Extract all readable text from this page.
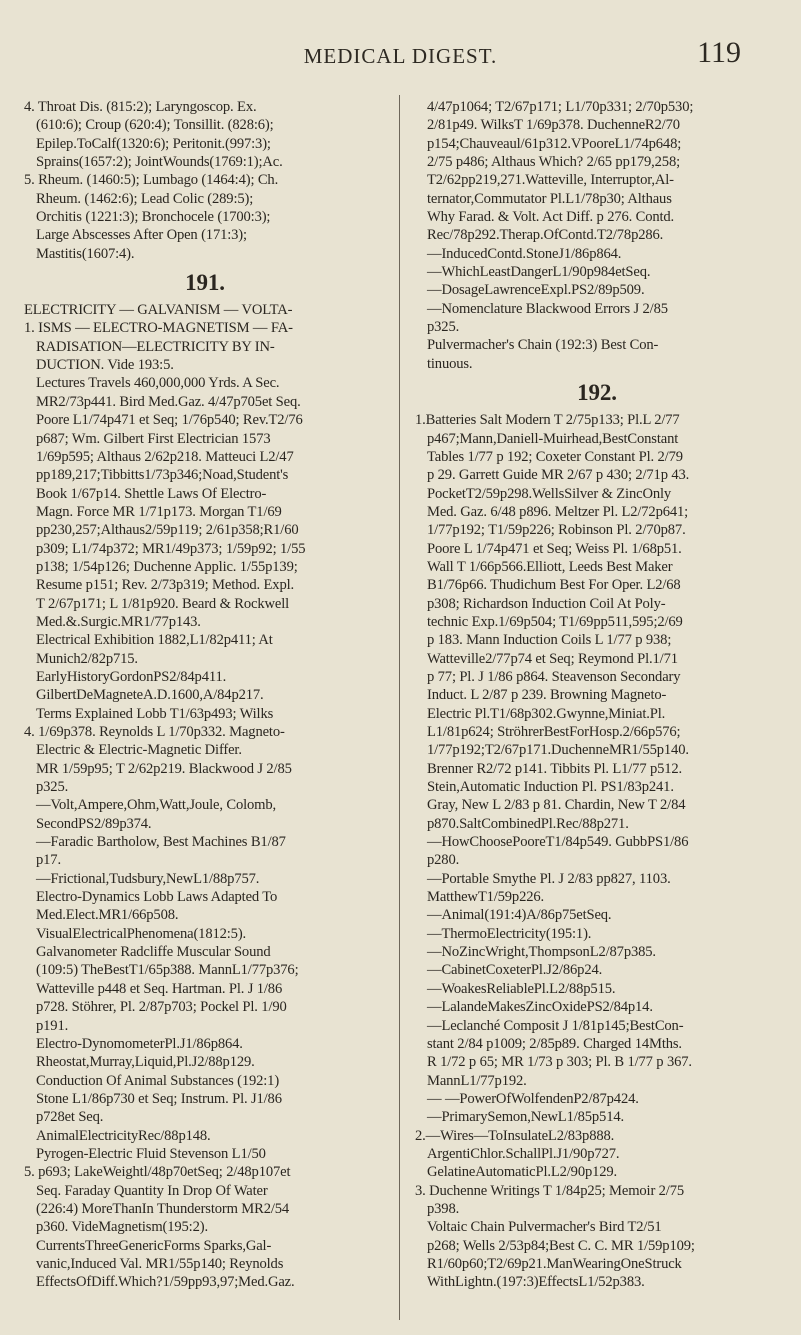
MEDICAL DIGEST.	119
4. Throat Dis. (815:2); Laryngoscop. Ex.
(610:6); Croup (620:4); Tonsillit. (828:6);
Epilep.ToCalf(1320:6); Peritonit.(997:3);
Sprains(1657:2); JointWounds(1769:1);Ac.
5. Rheum. (1460:5); Lumbago (1464:4); Ch.
Rheum. (1462:6); Lead Colic (289:5);
Orchitis (1221:3); Bronchocele (1700:3);
Large Abscesses After Open (171:3);
Mastitis(1607:4).
191.
ELECTRICITY — GALVANISM — VOLTA-
1. ISMS — ELECTRO-MAGNETISM — FA-
RADISATION—ELECTRICITY BY IN-
DUCTION. Vide 193:5.
Lectures Travels 460,000,000 Yrds. A Sec.
MR2/73p441. Bird Med.Gaz. 4/47p705et Seq.
Poore L1/74p471 et Seq; 1/76p540; Rev.T2/76
p687; Wm. Gilbert First Electrician 1573
1/69p595; Althaus 2/62p218. Matteuci L2/47
pp189,217;Tibbitts1/73p346;Noad,Student's
Book 1/67p14. Shettle Laws Of Electro-
Magn. Force MR 1/71p173. Morgan T1/69
pp230,257;Althaus2/59p119; 2/61p358;R1/60
p309; L1/74p372; MR1/49p373; 1/59p92; 1/55
p138; 1/54p126; Duchenne Applic. 1/55p139;
Resume p151; Rev. 2/73p319; Method. Expl.
T 2/67p171; L 1/81p920. Beard & Rockwell
Med.&.Surgic.MR1/77p143.
Electrical Exhibition 1882,L1/82p411; At
Munich2/82p715.
EarlyHistoryGordonPS2/84p411.
GilbertDeMagneteA.D.1600,A/84p217.
Terms Explained Lobb T1/63p493; Wilks
4. 1/69p378. Reynolds L 1/70p332. Magneto-
Electric & Electric-Magnetic Differ.
MR 1/59p95; T 2/62p219. Blackwood J 2/85
p325.
—Volt,Ampere,Ohm,Watt,Joule, Colomb,
SecondPS2/89p374.
—Faradic Bartholow, Best Machines B1/87
p17.
—Frictional,Tudsbury,NewL1/88p757.
Electro-Dynamics Lobb Laws Adapted To
Med.Elect.MR1/66p508.
VisualElectricalPhenomena(1812:5).
Galvanometer Radcliffe Muscular Sound
(109:5) TheBestT1/65p388. MannL1/77p376;
Watteville p448 et Seq. Hartman. Pl. J 1/86
p728. Stöhrer, Pl. 2/87p703; Pockel Pl. 1/90
p191.
Electro-DynomometerPl.J1/86p864.
Rheostat,Murray,Liquid,Pl.J2/88p129.
Conduction Of Animal Substances (192:1)
Stone L1/86p730 et Seq; Instrum. Pl. J1/86
p728et Seq.
AnimalElectricityRec/88p148.
Pyrogen-Electric Fluid Stevenson L1/50
5. p693; LakeWeightl/48p70etSeq; 2/48p107et
Seq. Faraday Quantity In Drop Of Water
(226:4) MoreThanIn Thunderstorm MR2/54
p360. VideMagnetism(195:2).
CurrentsThreeGenericForms Sparks,Gal-
vanic,Induced Val. MR1/55p140; Reynolds
EffectsOfDiff.Which?1/59pp93,97;Med.Gaz.
4/47p1064; T2/67p171; L1/70p331; 2/70p530;
2/81p49. WilksT 1/69p378. DuchenneR2/70
p154;Chauveaul/61p312.VPooreL1/74p648;
2/75 p486; Althaus Which? 2/65 pp179,258;
T2/62pp219,271.Watteville, Interruptor,Al-
ternator,Commutator Pl.L1/78p30; Althaus
Why Farad. & Volt. Act Diff. p 276. Contd.
Rec/78p292.Therap.OfContd.T2/78p286.
—InducedContd.StoneJ1/86p864.
—WhichLeastDangerL1/90p984etSeq.
—DosageLawrenceExpl.PS2/89p509.
—Nomenclature Blackwood Errors J 2/85
p325.
Pulvermacher's Chain (192:3) Best Con-
tinuous.
192.
1.Batteries Salt Modern T 2/75p133; Pl.L 2/77
p467;Mann,Daniell-Muirhead,BestConstant
Tables 1/77 p 192; Coxeter Constant Pl. 2/79
p 29. Garrett Guide MR 2/67 p 430; 2/71p 43.
PocketT2/59p298.WellsSilver & ZincOnly
Med. Gaz. 6/48 p896. Meltzer Pl. L2/72p641;
1/77p192; T1/59p226; Robinson Pl. 2/70p87.
Poore L 1/74p471 et Seq; Weiss Pl. 1/68p51.
Wall T 1/66p566.Elliott, Leeds Best Maker
B1/76p66. Thudichum Best For Oper. L2/68
p308; Richardson Induction Coil At Poly-
technic Exp.1/69p504; T1/69pp511,595;2/69
p 183. Mann Induction Coils L 1/77 p 938;
Watteville2/77p74 et Seq; Reymond Pl.1/71
p 77; Pl. J 1/86 p864. Steavenson Secondary
Induct. L 2/87 p 239. Browning Magneto-
Electric Pl.T1/68p302.Gwynne,Miniat.Pl.
L1/81p624; StröhrerBestForHosp.2/66p576;
1/77p192;T2/67p171.DuchenneMR1/55p140.
Brenner R2/72 p141. Tibbits Pl. L1/77 p512.
Stein,Automatic Induction Pl. PS1/83p241.
Gray, New L 2/83 p 81. Chardin, New T 2/84
p870.SaltCombinedPl.Rec/88p271.
—HowChoosePooreT1/84p549. GubbPS1/86
p280.
—Portable Smythe Pl. J 2/83 pp827, 1103.
MatthewT1/59p226.
—Animal(191:4)A/86p75etSeq.
—ThermoElectricity(195:1).
—NoZincWright,ThompsonL2/87p385.
—CabinetCoxeterPl.J2/86p24.
—WoakesReliablePl.L2/88p515.
—LalandeMakesZincOxidePS2/84p14.
—Leclanché Composit J 1/81p145;BestCon-
stant 2/84 p1009; 2/85p89. Charged 14Mths.
R 1/72 p 65; MR 1/73 p 303; Pl. B 1/77 p 367.
MannL1/77p192.
— —PowerOfWolfendenP2/87p424.
—PrimarySemon,NewL1/85p514.
2.—Wires—ToInsulateL2/83p888.
ArgentiChlor.SchallPl.J1/90p727.
GelatineAutomaticPl.L2/90p129.
3. Duchenne Writings T 1/84p25; Memoir 2/75
p398.
Voltaic Chain Pulvermacher's Bird T2/51
p268; Wells 2/53p84;Best C. C. MR 1/59p109;
R1/60p60;T2/69p21.ManWearingOneStruck
WithLightn.(197:3)EffectsL1/52p383.
